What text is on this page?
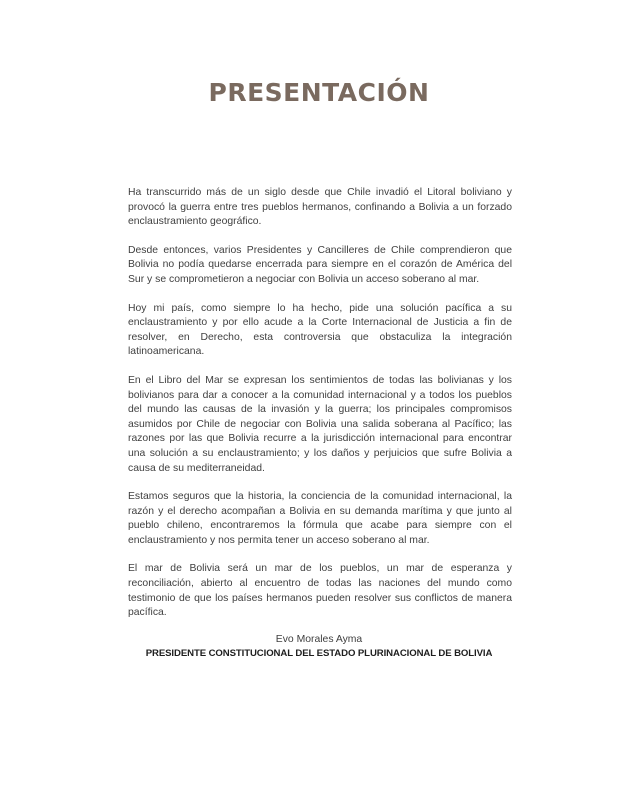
PRESENTACIÓN

Ha transcurrido más de un siglo desde que Chile invadió el Litoral boliviano y provocó la guerra entre tres pueblos hermanos, confinando a Bolivia a un forzado enclaustramiento geográfico.

Desde entonces, varios Presidentes y Cancilleres de Chile comprendieron que Bolivia no podía quedarse encerrada para siempre en el corazón de América del Sur y se comprometieron a negociar con Bolivia un acceso soberano al mar.

Hoy mi país, como siempre lo ha hecho, pide una solución pacífica a su enclaustramiento y por ello acude a la Corte Internacional de Justicia a fin de resolver, en Derecho, esta controversia que obstaculiza la integración latinoamericana.

En el Libro del Mar se expresan los sentimientos de todas las bolivianas y los bolivianos para dar a conocer a la comunidad internacional y a todos los pueblos del mundo las causas de la invasión y la guerra; los principales compromisos asumidos por Chile de negociar con Bolivia una salida soberana al Pacífico; las razones por las que Bolivia recurre a la jurisdicción internacional para encontrar una solución a su enclaustramiento; y los daños y perjuicios que sufre Bolivia a causa de su mediterraneidad.

Estamos seguros que la historia, la conciencia de la comunidad internacional, la razón y el derecho acompañan a Bolivia en su demanda marítima y que junto al pueblo chileno, encontraremos la fórmula que acabe para siempre con el enclaustramiento y nos permita tener un acceso soberano al mar.

El mar de Bolivia será un mar de los pueblos, un mar de esperanza y reconciliación, abierto al encuentro de todas las naciones del mundo como testimonio de que los países hermanos pueden resolver sus conflictos de manera pacífica.

Evo Morales Ayma
PRESIDENTE CONSTITUCIONAL DEL ESTADO PLURINACIONAL DE BOLIVIA
